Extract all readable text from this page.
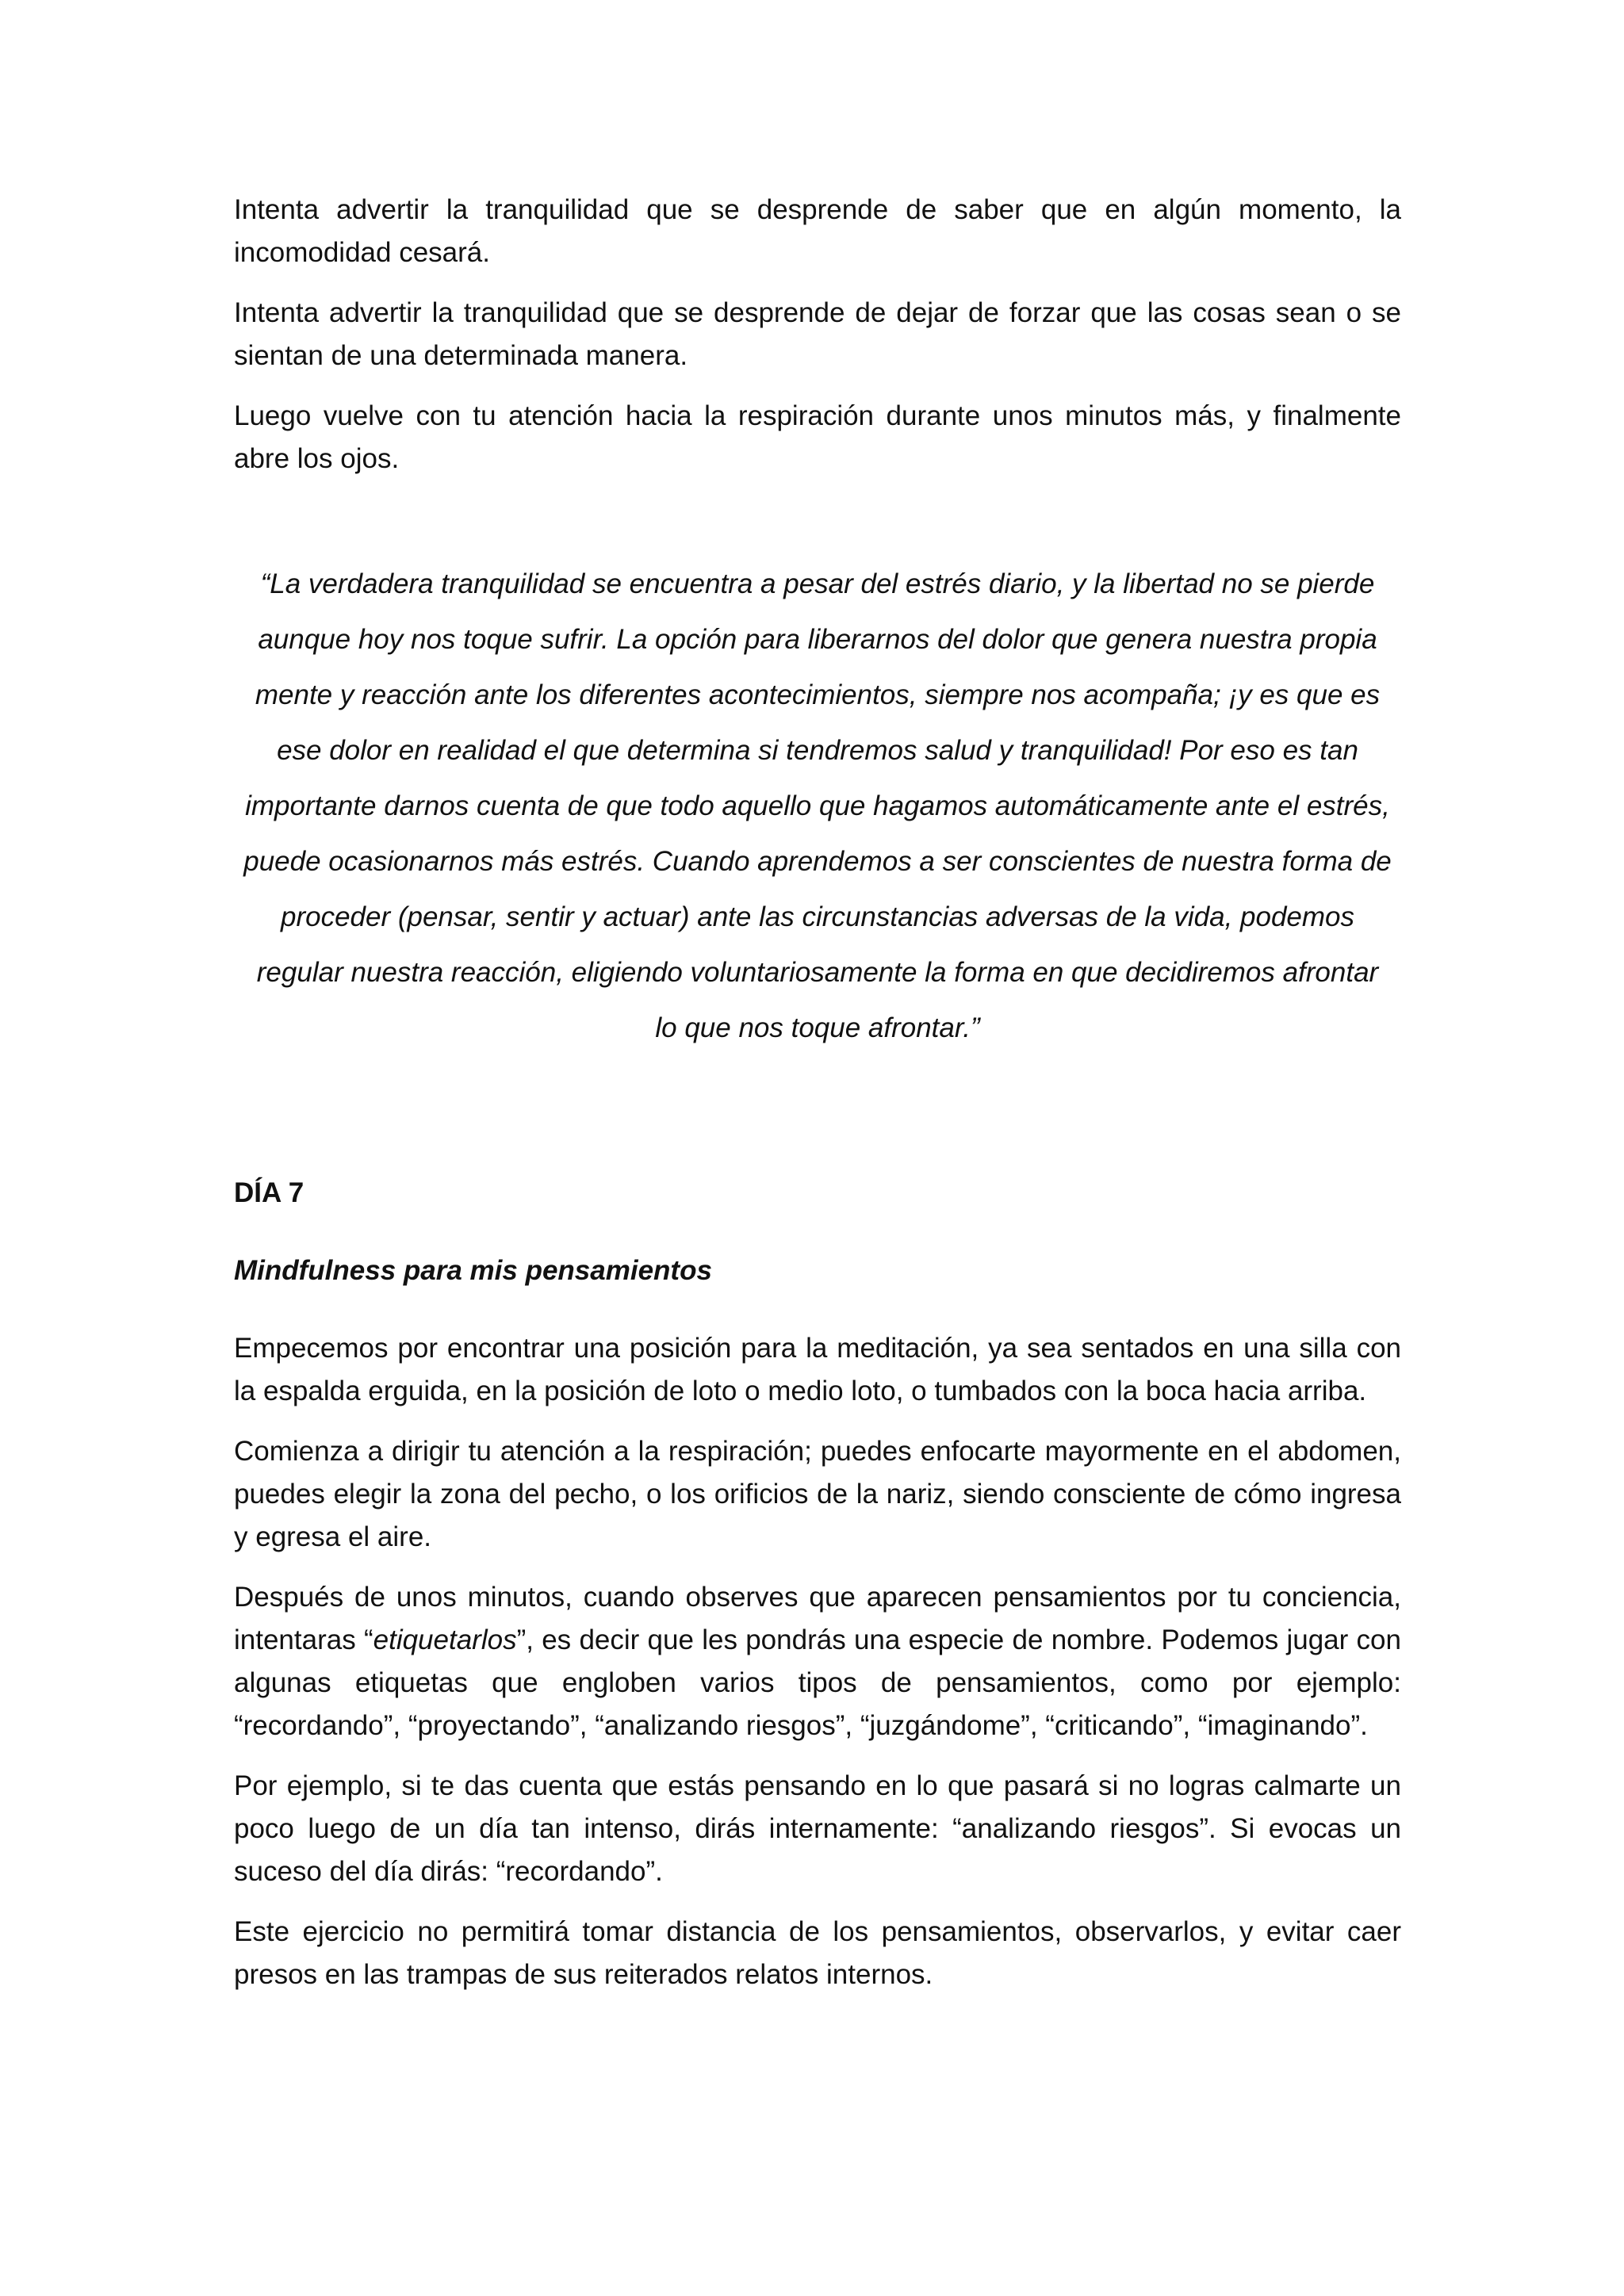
Intenta advertir la tranquilidad que se desprende de saber que en algún momento, la incomodidad cesará.

Intenta advertir la tranquilidad que se desprende de dejar de forzar que las cosas sean o se sientan de una determinada manera.

Luego vuelve con tu atención hacia la respiración durante unos minutos más, y finalmente abre los ojos.

“La verdadera tranquilidad se encuentra a pesar del estrés diario, y la libertad no se pierde aunque hoy nos toque sufrir. La opción para liberarnos del dolor que genera nuestra propia mente y reacción ante los diferentes acontecimientos, siempre nos acompaña; ¡y es que es ese dolor en realidad el que determina si tendremos salud y tranquilidad! Por eso es tan importante darnos cuenta de que todo aquello que hagamos automáticamente ante el estrés, puede ocasionarnos más estrés. Cuando aprendemos a ser conscientes de nuestra forma de proceder (pensar, sentir y actuar) ante las circunstancias adversas de la vida, podemos regular nuestra reacción, eligiendo voluntariosamente la forma en que decidiremos afrontar lo que nos toque afrontar.”

DÍA 7
Mindfulness para mis pensamientos

Empecemos por encontrar una posición para la meditación, ya sea sentados en una silla con la espalda erguida, en la posición de loto o medio loto, o tumbados con la boca hacia arriba.

Comienza a dirigir tu atención a la respiración; puedes enfocarte mayormente en el abdomen, puedes elegir la zona del pecho, o los orificios de la nariz, siendo consciente de cómo ingresa y egresa el aire.

Después de unos minutos, cuando observes que aparecen pensamientos por tu conciencia, intentaras “etiquetarlos”, es decir que les pondrás una especie de nombre. Podemos jugar con algunas etiquetas que engloben varios tipos de pensamientos, como por ejemplo: “recordando”, “proyectando”, “analizando riesgos”, “juzgándome”, “criticando”, “imaginando”.

Por ejemplo, si te das cuenta que estás pensando en lo que pasará si no logras calmarte un poco luego de un día tan intenso, dirás internamente: “analizando riesgos”. Si evocas un suceso del día dirás: “recordando”.

Este ejercicio no permitirá tomar distancia de los pensamientos, observarlos, y evitar caer presos en las trampas de sus reiterados relatos internos.
